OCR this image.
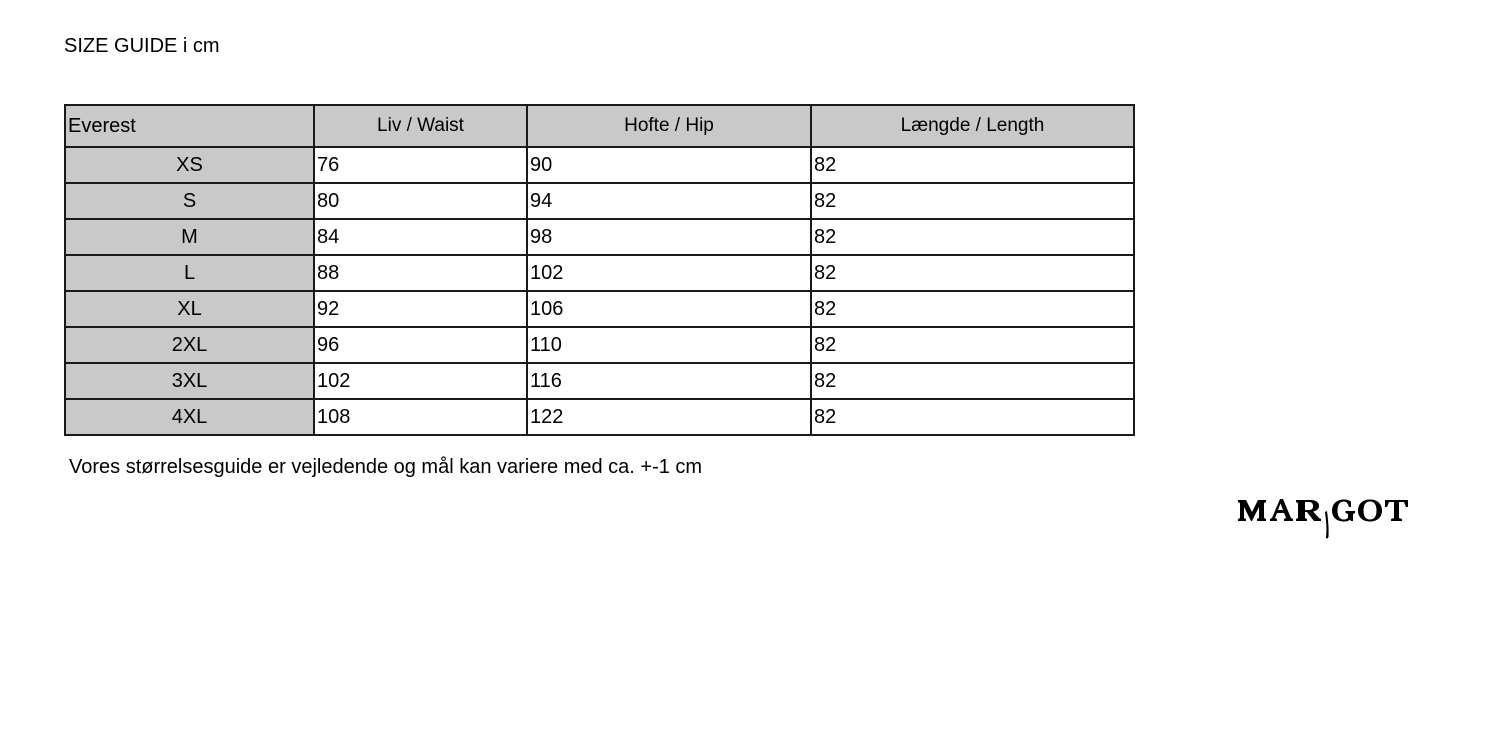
SIZE GUIDE i cm
Everest	Liv / Waist	Hofte / Hip	Længde / Length
XS	76	90	82
S	80	94	82
M	84	98	82
L	88	102	82
XL	92	106	82
2XL	96	110	82
3XL	102	116	82
4XL	108	122	82
Vores størrelsesguide er vejledende og mål kan variere med ca. +-1 cm
